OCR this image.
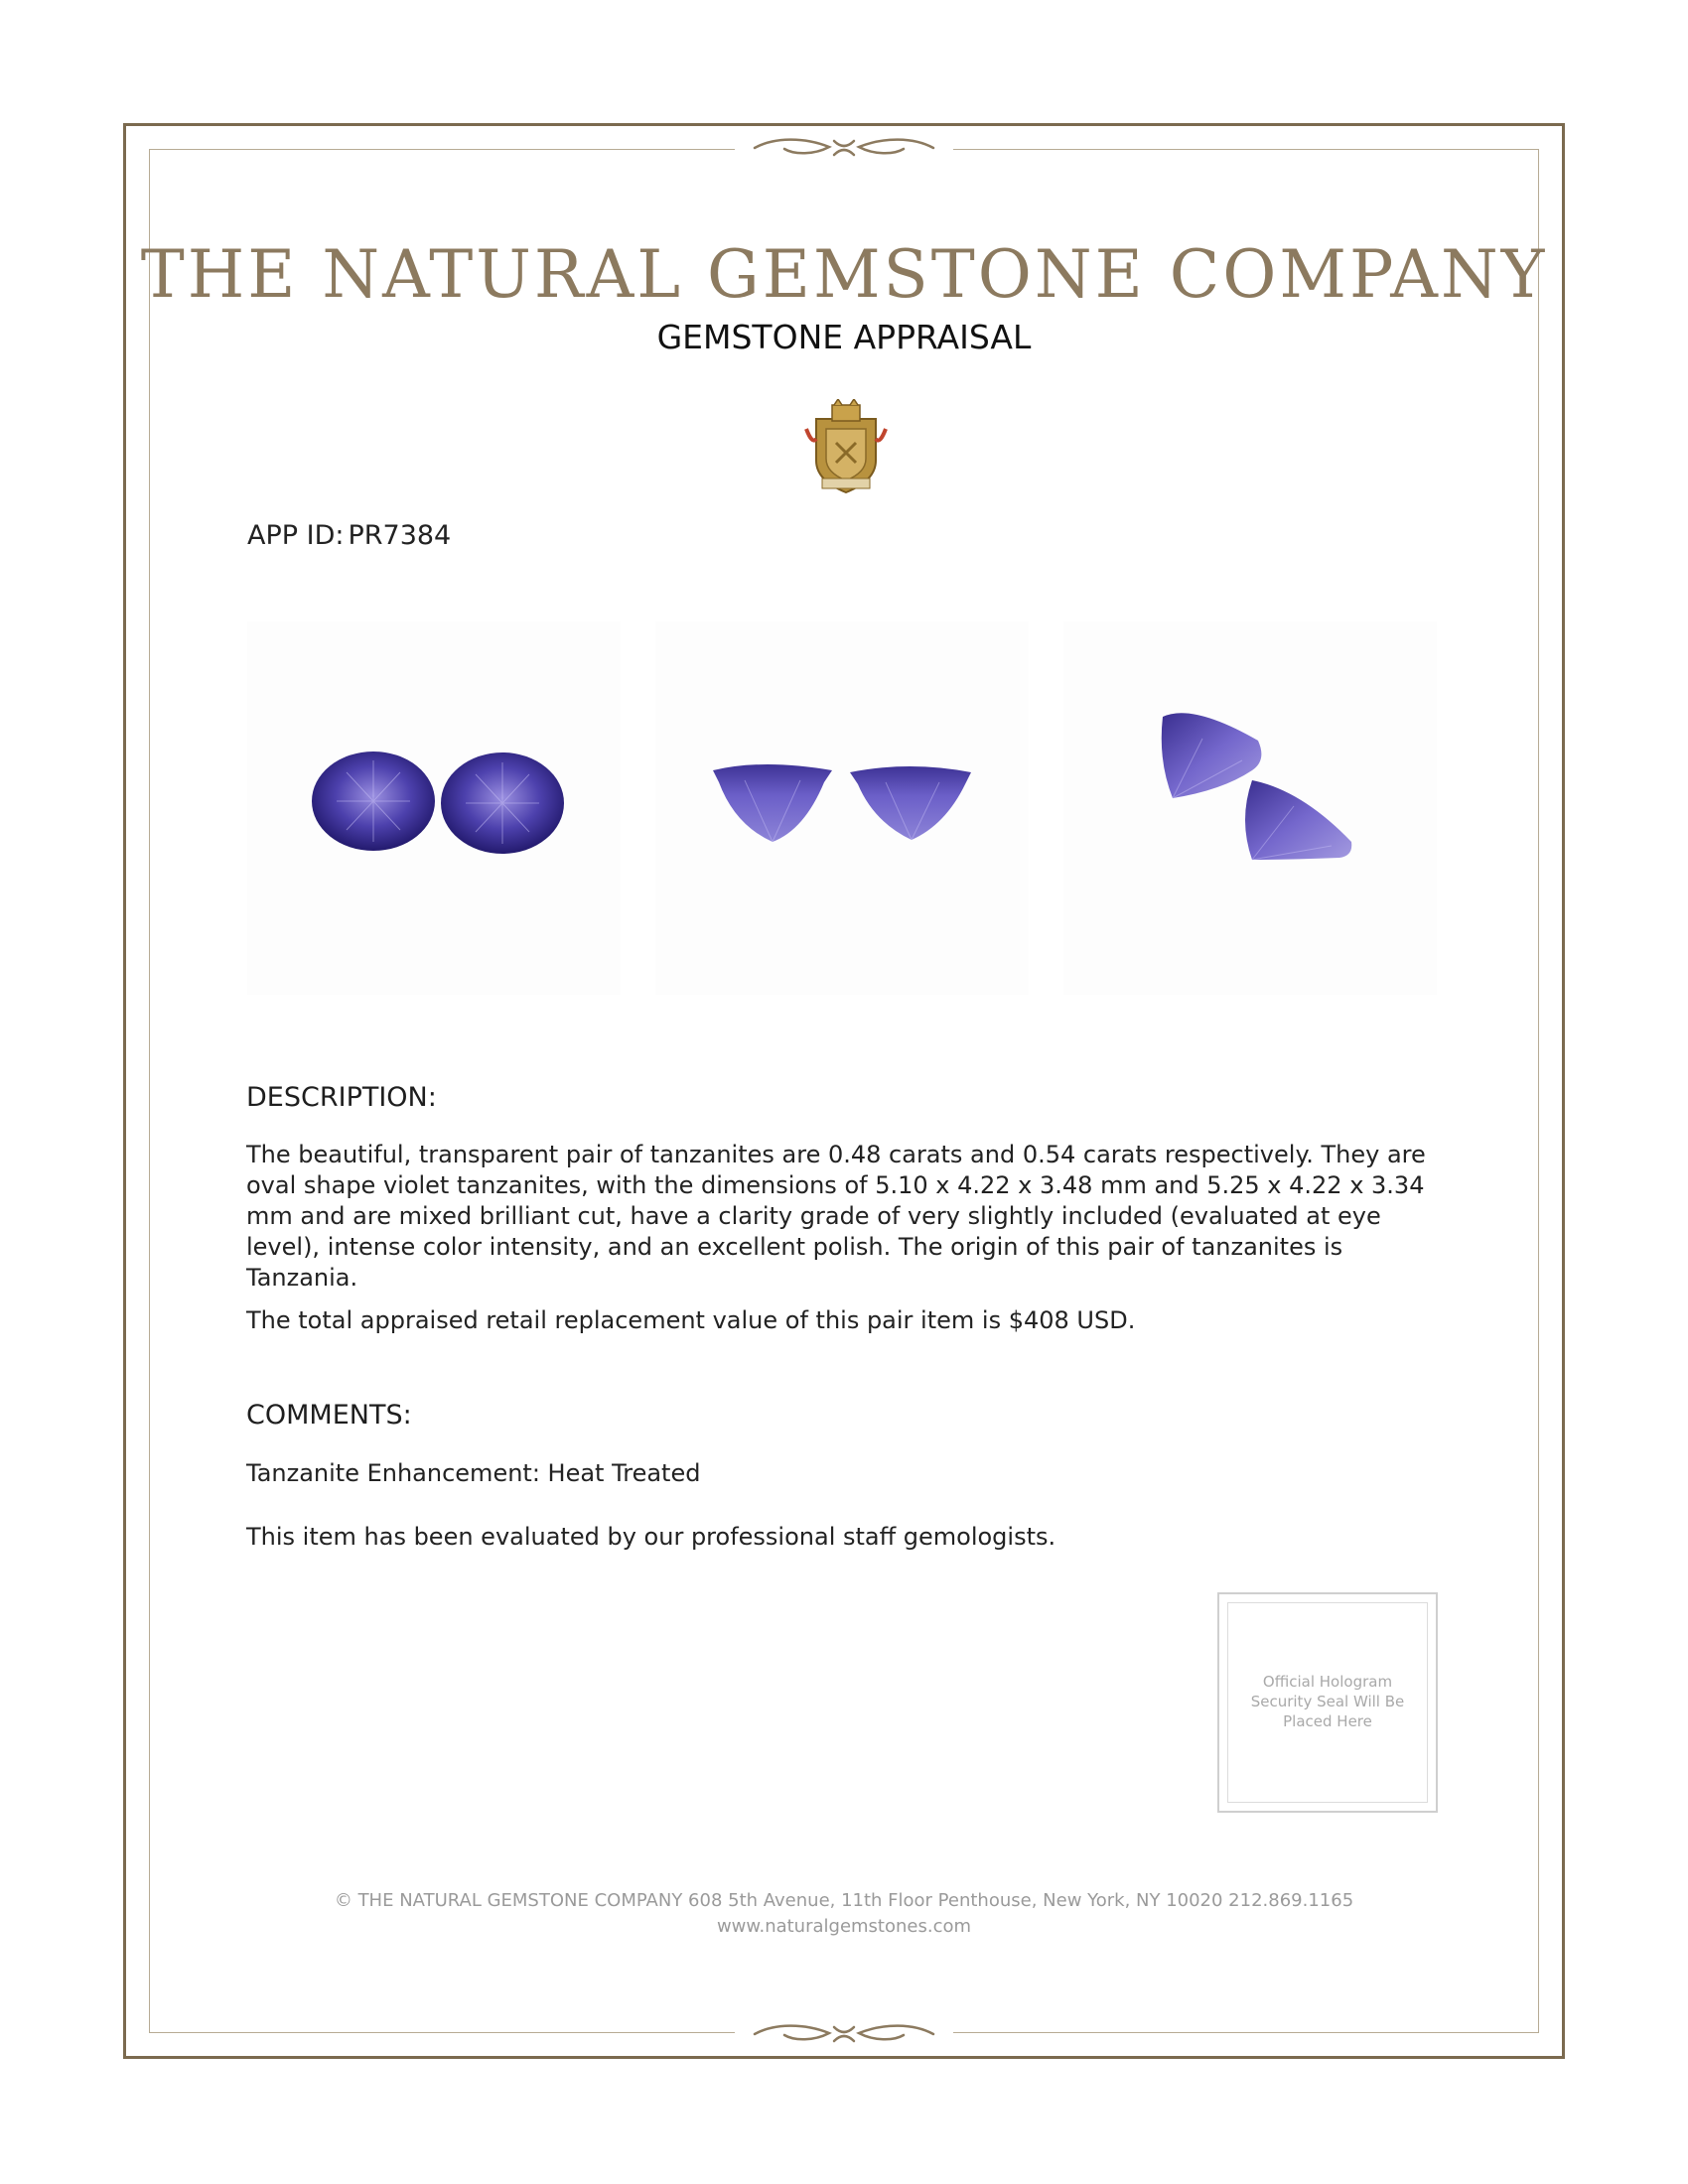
THE NATURAL GEMSTONE COMPANY
GEMSTONE APPRAISAL
APP ID: PR7384
DESCRIPTION:

The beautiful, transparent pair of tanzanites are 0.48 carats and 0.54 carats respectively. They are oval shape violet tanzanites, with the dimensions of 5.10 x 4.22 x 3.48 mm and 5.25 x 4.22 x 3.34 mm and are mixed brilliant cut, have a clarity grade of very slightly included (evaluated at eye level), intense color intensity, and an excellent polish. The origin of this pair of tanzanites is Tanzania.

The total appraised retail replacement value of this pair item is $408 USD.

COMMENTS:

Tanzanite Enhancement: Heat Treated

This item has been evaluated by our professional staff gemologists.

Official Hologram Security Seal Will Be Placed Here
© THE NATURAL GEMSTONE COMPANY 608 5th Avenue, 11th Floor Penthouse, New York, NY 10020 212.869.1165
www.naturalgemstones.com
